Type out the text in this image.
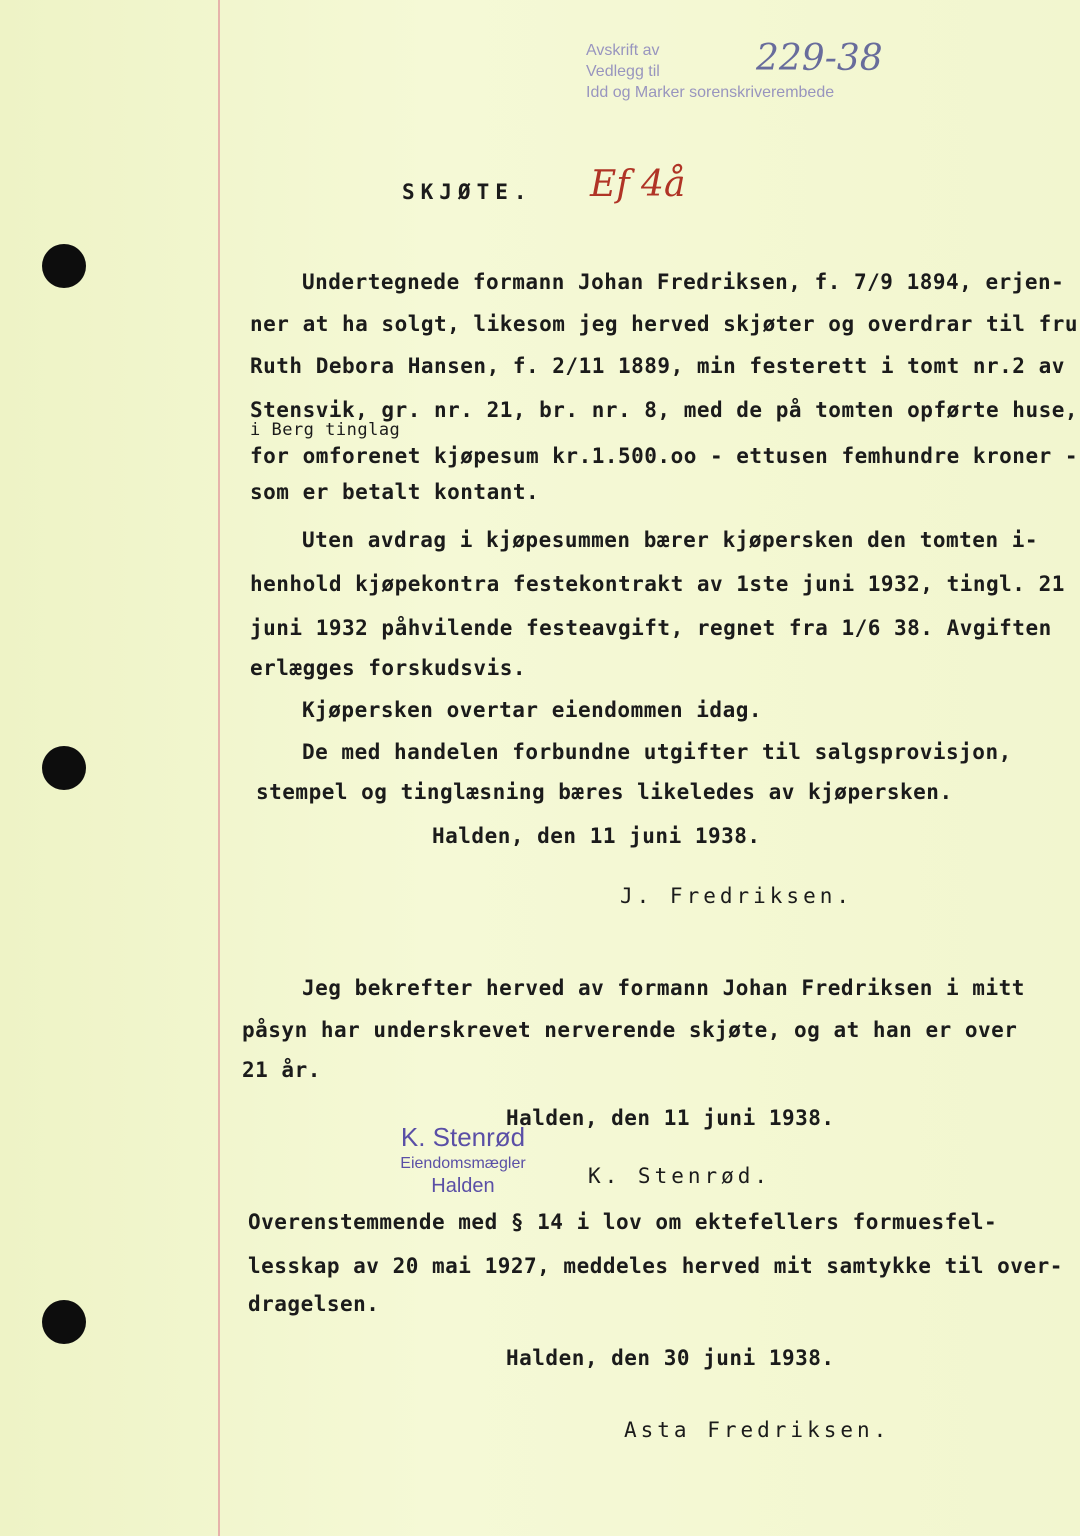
Avskrift av
Vedlegg til
Idd og Marker sorenskriverembede
229-38
SKJØTE. Ef 4å
Undertegnede formann Johan Fredriksen, f. 7/9 1894, erjen-
ner at ha solgt, likesom jeg herved skjøter og overdrar til fru
Ruth Debora Hansen, f. 2/11 1889, min festerett i tomt nr.2 av
Stensvik, gr. nr. 21, br. nr. 8, med de på tomten opførte huse,
i Berg tinglag
for omforenet kjøpesum kr.1.500.oo - ettusen femhundre kroner -
som er betalt kontant.
Uten avdrag i kjøpesummen bærer kjøpersken den tomten i-
henhold kjøpekontra festekontrakt av 1ste juni 1932, tingl. 21
juni 1932 påhvilende festeavgift, regnet fra 1/6 38. Avgiften
erlægges forskudsvis.
Kjøpersken overtar eiendommen idag.
De med handelen forbundne utgifter til salgsprovisjon,
stempel og tinglæsning bæres likeledes av kjøpersken.
Halden, den 11 juni 1938.
J. Fredriksen.
Jeg bekrefter herved av formann Johan Fredriksen i mitt
påsyn har underskrevet nerverende skjøte, og at han er over
21 år.
Halden, den 11 juni 1938.
K. Stenrød.
Overenstemmende med § 14 i lov om ektefellers formuesfel-
lesskap av 20 mai 1927, meddeles herved mit samtykke til over-
dragelsen.
Halden, den 30 juni 1938.
Asta Fredriksen.
K. Stenrød
Eiendomsmægler
Halden
